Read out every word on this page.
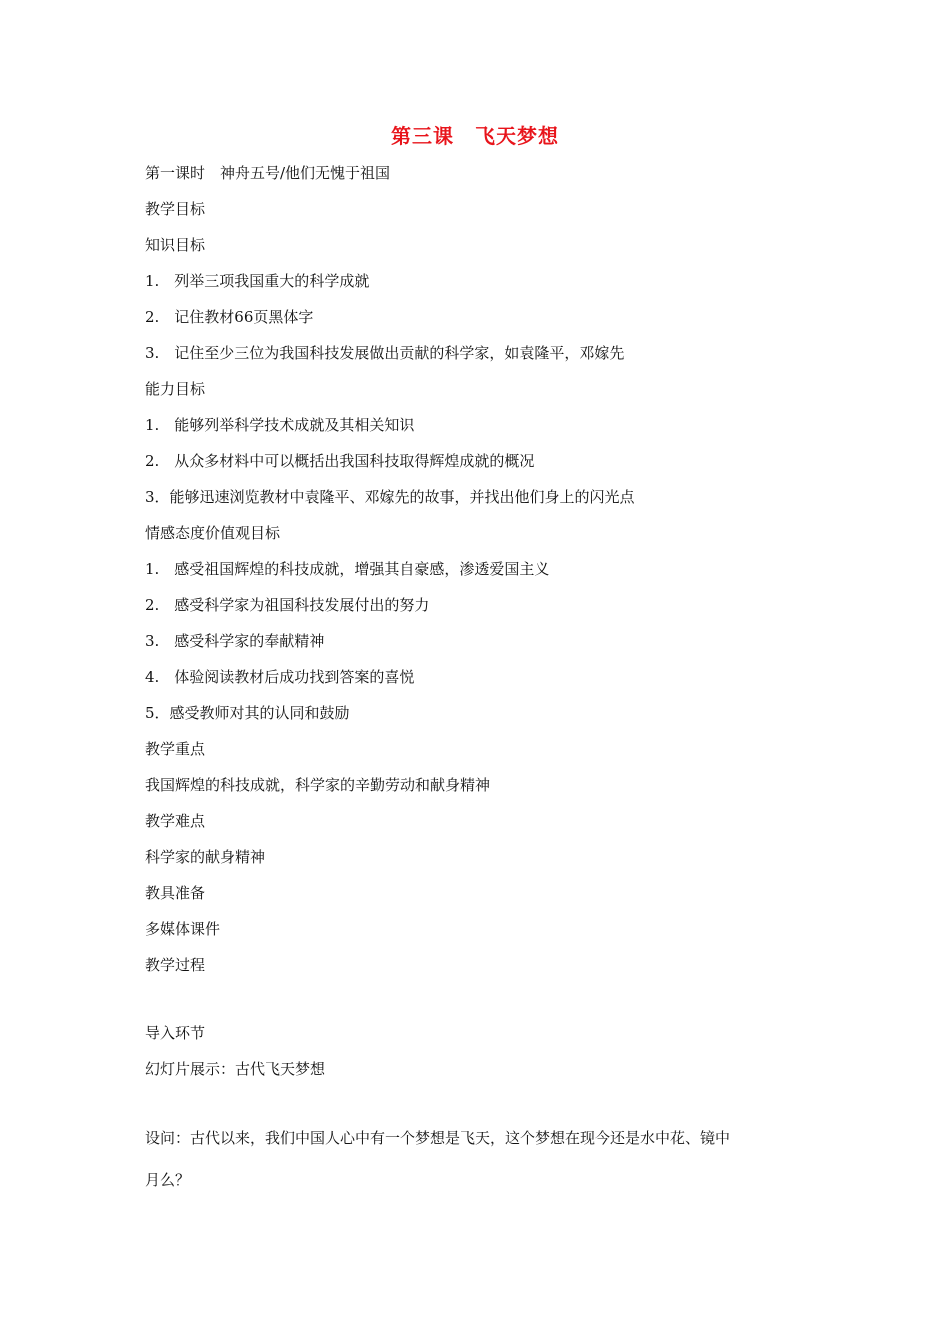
第三课　飞天梦想
第一课时　神舟五号/他们无愧于祖国
教学目标
知识目标
1.　列举三项我国重大的科学成就
2.　记住教材66页黑体字
3.　记住至少三位为我国科技发展做出贡献的科学家，如袁隆平，邓嫁先
能力目标
1.　能够列举科学技术成就及其相关知识
2.　从众多材料中可以概括出我国科技取得辉煌成就的概况
3．能够迅速浏览教材中袁隆平、邓嫁先的故事，并找出他们身上的闪光点
情感态度价值观目标
1.　感受祖国辉煌的科技成就，增强其自豪感，渗透爱国主义
2.　感受科学家为祖国科技发展付出的努力
3.　感受科学家的奉献精神
4.　体验阅读教材后成功找到答案的喜悦
5．感受教师对其的认同和鼓励
教学重点
我国辉煌的科技成就，科学家的辛勤劳动和献身精神
教学难点
科学家的献身精神
教具准备
多媒体课件
教学过程
导入环节
幻灯片展示：古代飞天梦想
设问：古代以来，我们中国人心中有一个梦想是飞天，这个梦想在现今还是水中花、镜中
月么？
